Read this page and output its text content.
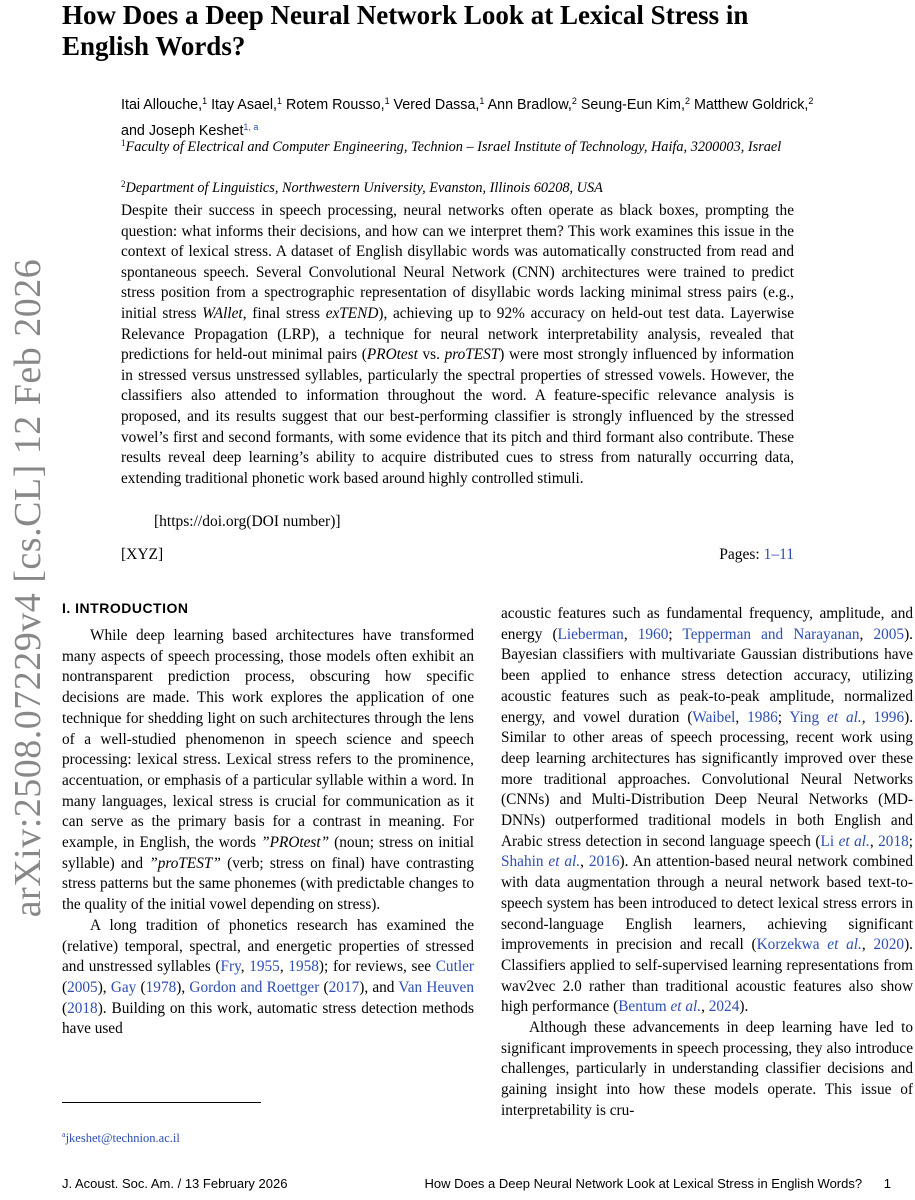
How Does a Deep Neural Network Look at Lexical Stress in English Words?
arXiv:2508.07229v4 [cs.CL] 12 Feb 2026
Itai Allouche,$^1$ Itay Asael,$^1$ Rotem Rousso,$^1$ Vered Dassa,$^1$ Ann Bradlow,$^2$ Seung-Eun Kim,$^2$ Matthew Goldrick,$^2$
and Joseph Keshet$^{1, a}$
$^1$Faculty of Electrical and Computer Engineering, Technion – Israel Institute of Technology, Haifa, 3200003, Israel
$^2$Department of Linguistics, Northwestern University, Evanston, Illinois 60208, USA
Despite their success in speech processing, neural networks often operate as black boxes, prompting the question: what informs their decisions, and how can we interpret them? This work examines this issue in the context of lexical stress. A dataset of English disyllabic words was automatically constructed from read and spontaneous speech. Several Convolutional Neural Network (CNN) architectures were trained to predict stress position from a spectrographic representation of disyllabic words lacking minimal stress pairs (e.g., initial stress WAllet, final stress exTEND), achieving up to 92% accuracy on held-out test data. Layerwise Relevance Propagation (LRP), a technique for neural network interpretability analysis, revealed that predictions for held-out minimal pairs (PROtest vs. proTEST) were most strongly influenced by information in stressed versus unstressed syllables, particularly the spectral properties of stressed vowels. However, the classifiers also attended to information throughout the word. A feature-specific relevance analysis is proposed, and its results suggest that our best-performing classifier is strongly influenced by the stressed vowel’s first and second formants, with some evidence that its pitch and third formant also contribute. These results reveal deep learning’s ability to acquire distributed cues to stress from naturally occurring data, extending traditional phonetic work based around highly controlled stimuli.
[https://doi.org(DOI number)]
[XYZ]	Pages: 1–11
I. INTRODUCTION

While deep learning based architectures have transformed many aspects of speech processing, those models often exhibit an nontransparent prediction process, obscuring how specific decisions are made. This work explores the application of one technique for shedding light on such architectures through the lens of a well-studied phenomenon in speech science and speech processing: lexical stress. Lexical stress refers to the prominence, accentuation, or emphasis of a particular syllable within a word. In many languages, lexical stress is crucial for communication as it can serve as the primary basis for a contrast in meaning. For example, in English, the words ”PROtest” (noun; stress on initial syllable) and ”proTEST” (verb; stress on final) have contrasting stress patterns but the same phonemes (with predictable changes to the quality of the initial vowel depending on stress).

A long tradition of phonetics research has examined the (relative) temporal, spectral, and energetic properties of stressed and unstressed syllables (Fry, 1955, 1958); for reviews, see Cutler (2005), Gay (1978), Gordon and Roettger (2017), and Van Heuven (2018). Building on this work, automatic stress detection methods have used

acoustic features such as fundamental frequency, amplitude, and energy (Lieberman, 1960; Tepperman and Narayanan, 2005). Bayesian classifiers with multivariate Gaussian distributions have been applied to enhance stress detection accuracy, utilizing acoustic features such as peak-to-peak amplitude, normalized energy, and vowel duration (Waibel, 1986; Ying et al., 1996). Similar to other areas of speech processing, recent work using deep learning architectures has significantly improved over these more traditional approaches. Convolutional Neural Networks (CNNs) and Multi-Distribution Deep Neural Networks (MD-DNNs) outperformed traditional models in both English and Arabic stress detection in second language speech (Li et al., 2018; Shahin et al., 2016). An attention-based neural network combined with data augmentation through a neural network based text-to-speech system has been introduced to detect lexical stress errors in second-language English learners, achieving significant improvements in precision and recall (Korzekwa et al., 2020). Classifiers applied to self-supervised learning representations from wav2vec 2.0 rather than traditional acoustic features also show high performance (Bentum et al., 2024).

Although these advancements in deep learning have led to significant improvements in speech processing, they also introduce challenges, particularly in understanding classifier decisions and gaining insight into how these models operate. This issue of interpretability is cru-

$^a$jkeshet@technion.ac.il
J. Acoust. Soc. Am. / 13 February 2026	How Does a Deep Neural Network Look at Lexical Stress in English Words?      1
